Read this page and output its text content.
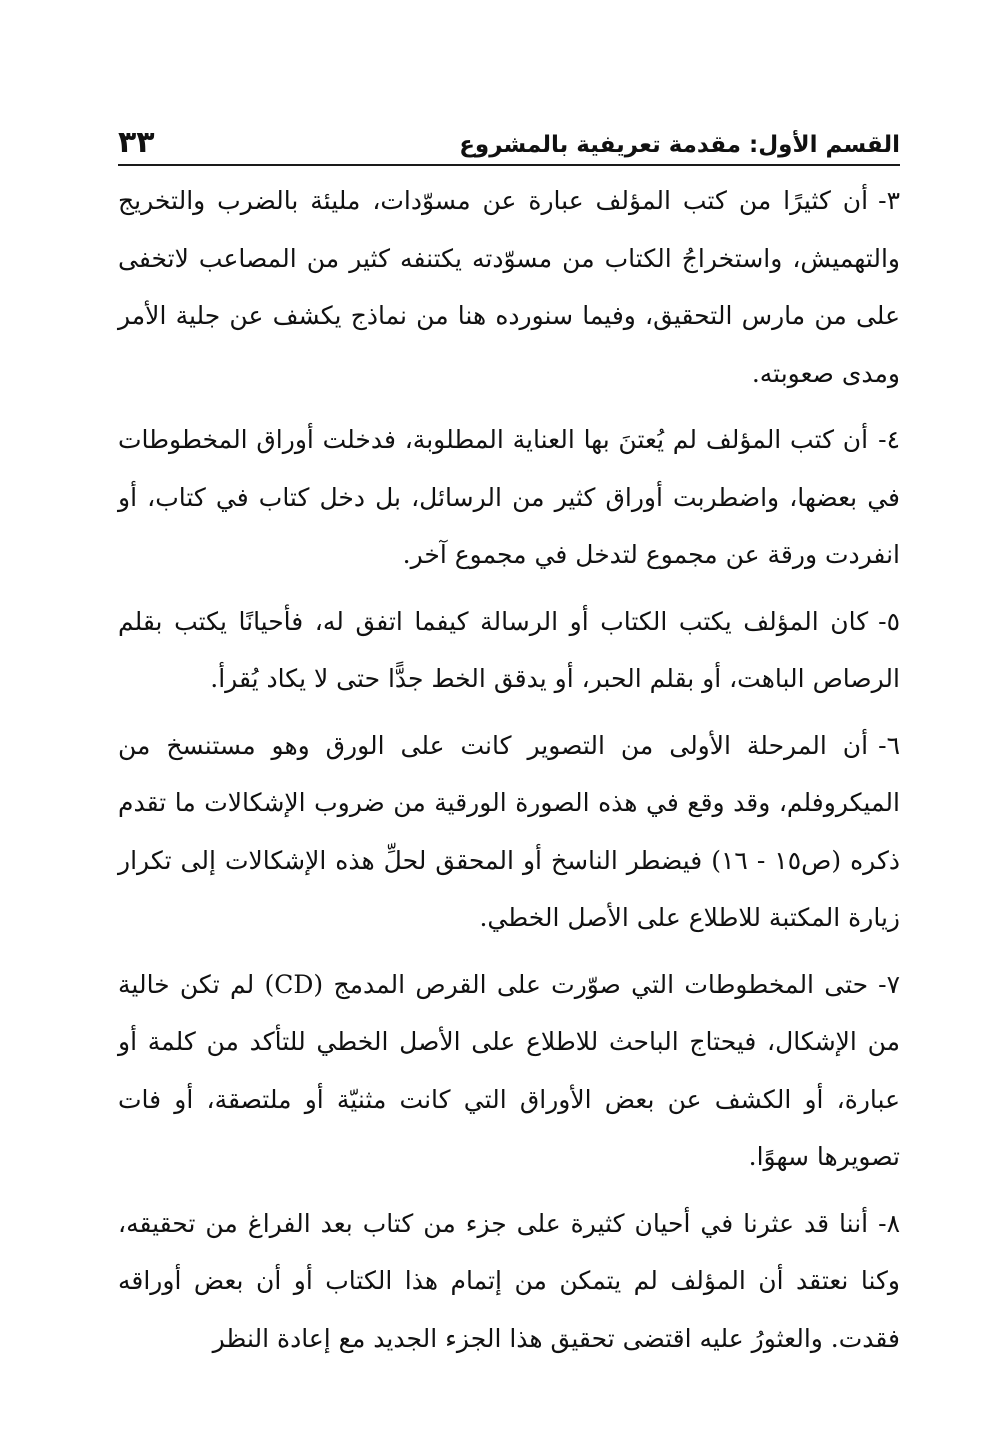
القسم الأول: مقدمة تعريفية بالمشروع
٣٣

٣-أن كثيرًا من كتب المؤلف عبارة عن مسوّدات، مليئة بالضرب والتخريج والتهميش، واستخراجُ الكتاب من مسوّدته يكتنفه كثير من المصاعب لاتخفى على من مارس التحقيق، وفيما سنورده هنا من نماذج يكشف عن جلية الأمر ومدى صعوبته.

٤-أن كتب المؤلف لم يُعتنَ بها العناية المطلوبة، فدخلت أوراق المخطوطات في بعضها، واضطربت أوراق كثير من الرسائل، بل دخل كتاب في كتاب، أو انفردت ورقة عن مجموع لتدخل في مجموع آخر.

٥-كان المؤلف يكتب الكتاب أو الرسالة كيفما اتفق له، فأحيانًا يكتب بقلم الرصاص الباهت، أو بقلم الحبر، أو يدقق الخط جدًّا حتى لا يكاد يُقرأ.

٦-أن المرحلة الأولى من التصوير كانت على الورق وهو مستنسخ من الميكروفلم، وقد وقع في هذه الصورة الورقية من ضروب الإشكالات ما تقدم ذكره (ص١٥ - ١٦) فيضطر الناسخ أو المحقق لحلِّ هذه الإشكالات إلى تكرار زيارة المكتبة للاطلاع على الأصل الخطي.

٧-حتى المخطوطات التي صوّرت على القرص المدمج (CD) لم تكن خالية من الإشكال، فيحتاج الباحث للاطلاع على الأصل الخطي للتأكد من كلمة أو عبارة، أو الكشف عن بعض الأوراق التي كانت مثنيّة أو ملتصقة، أو فات تصويرها سهوًا.

٨-أننا قد عثرنا في أحيان كثيرة على جزء من كتاب بعد الفراغ من تحقيقه، وكنا نعتقد أن المؤلف لم يتمكن من إتمام هذا الكتاب أو أن بعض أوراقه فقدت. والعثورُ عليه اقتضى تحقيق هذا الجزء الجديد مع إعادة النظر
